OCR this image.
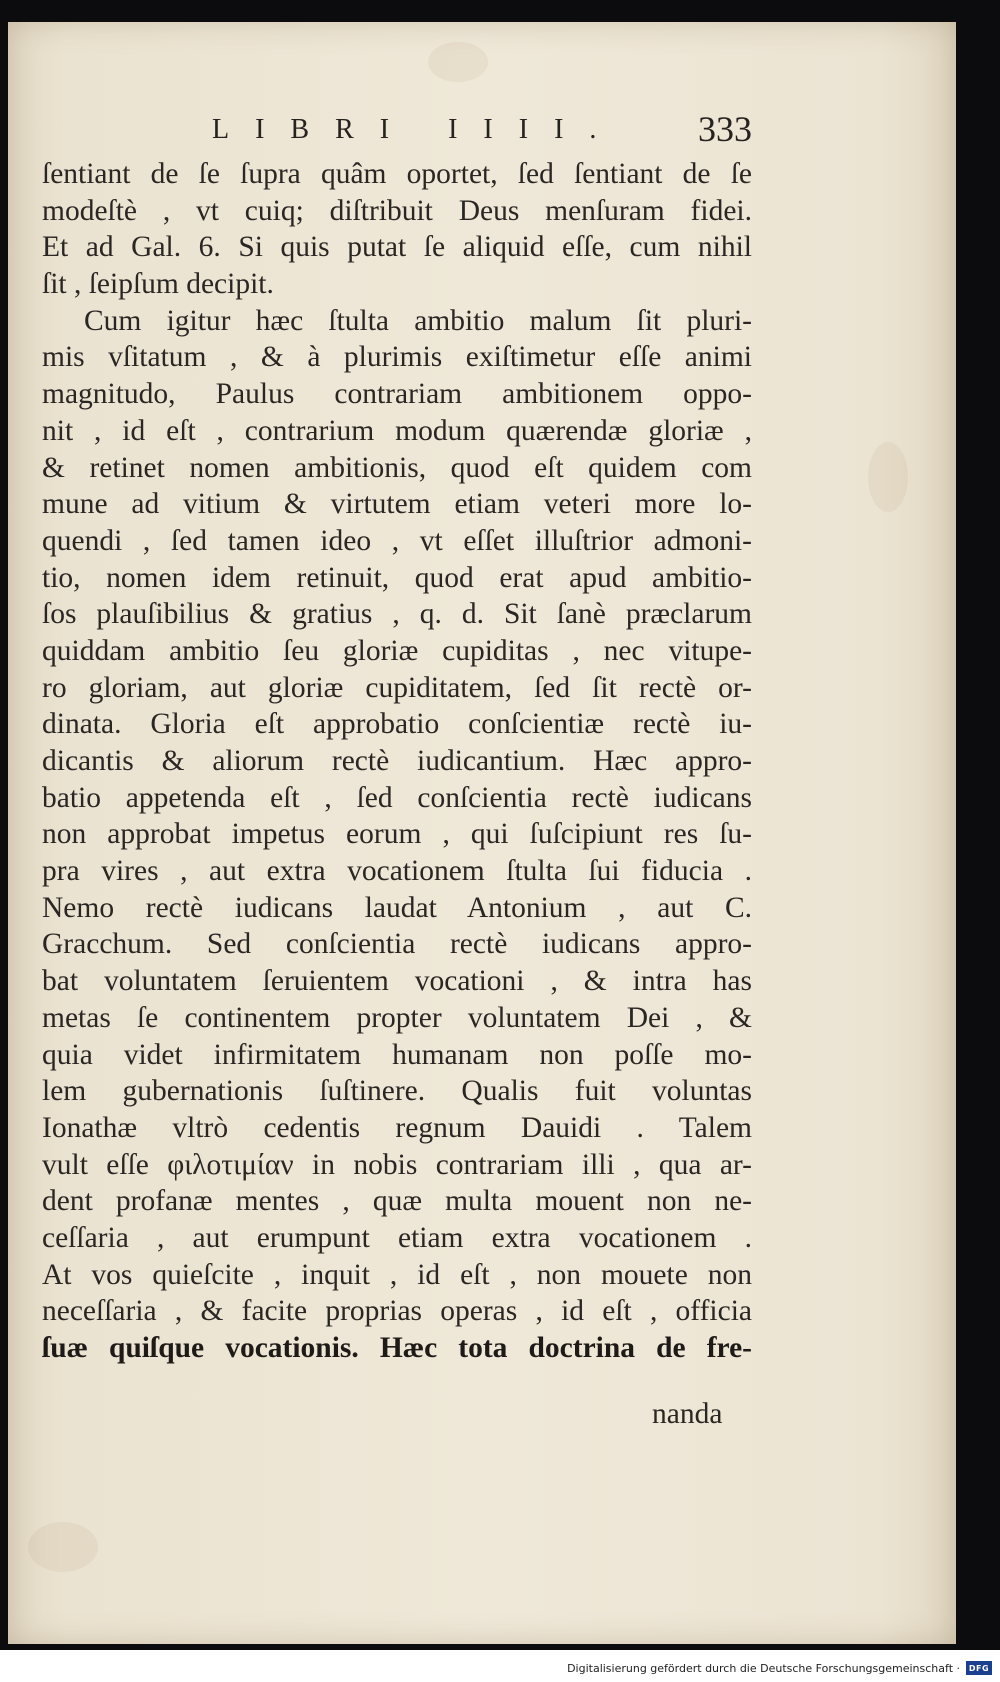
LIBRI IIII. 333
ſentiant de ſe ſupra quâm oportet, ſed ſentiant de ſe
modeſtè , vt cuiq; diſtribuit Deus menſuram fidei.
Et ad Gal. 6. Si quis putat ſe aliquid eſſe, cum nihil
ſit , ſeipſum decipit.
Cum igitur hæc ſtulta ambitio malum ſit pluri-
mis vſitatum , & à plurimis exiſtimetur eſſe animi
magnitudo, Paulus contrariam ambitionem oppo-
nit , id eſt , contrarium modum quærendæ gloriæ ,
& retinet nomen ambitionis, quod eſt quidem com
mune ad vitium & virtutem etiam veteri more lo-
quendi , ſed tamen ideo , vt eſſet illuſtrior admoni-
tio, nomen idem retinuit, quod erat apud ambitio-
ſos plauſibilius & gratius , q. d. Sit ſanè præclarum
quiddam ambitio ſeu gloriæ cupiditas , nec vitupe-
ro gloriam, aut gloriæ cupiditatem, ſed ſit rectè or-
dinata. Gloria eſt approbatio conſcientiæ rectè iu-
dicantis & aliorum rectè iudicantium. Hæc appro-
batio appetenda eſt , ſed conſcientia rectè iudicans
non approbat impetus eorum , qui ſuſcipiunt res ſu-
pra vires , aut extra vocationem ſtulta ſui fiducia .
Nemo rectè iudicans laudat Antonium , aut C.
Gracchum. Sed conſcientia rectè iudicans appro-
bat voluntatem ſeruientem vocationi , & intra has
metas ſe continentem propter voluntatem Dei , &
quia videt infirmitatem humanam non poſſe mo-
lem gubernationis ſuſtinere. Qualis fuit voluntas
Ionathæ vltrò cedentis regnum Dauidi . Talem
vult eſſe φιλοτιμίαν in nobis contrariam illi , qua ar-
dent profanæ mentes , quæ multa mouent non ne-
ceſſaria , aut erumpunt etiam extra vocationem .
At vos quieſcite , inquit , id eſt , non mouete non
neceſſaria , & facite proprias operas , id eſt , officia
ſuæ quiſque vocationis. Hæc tota doctrina de fre-
nanda
Digitalisierung gefördert durch die Deutsche Forschungsgemeinschaft ·	DFG
